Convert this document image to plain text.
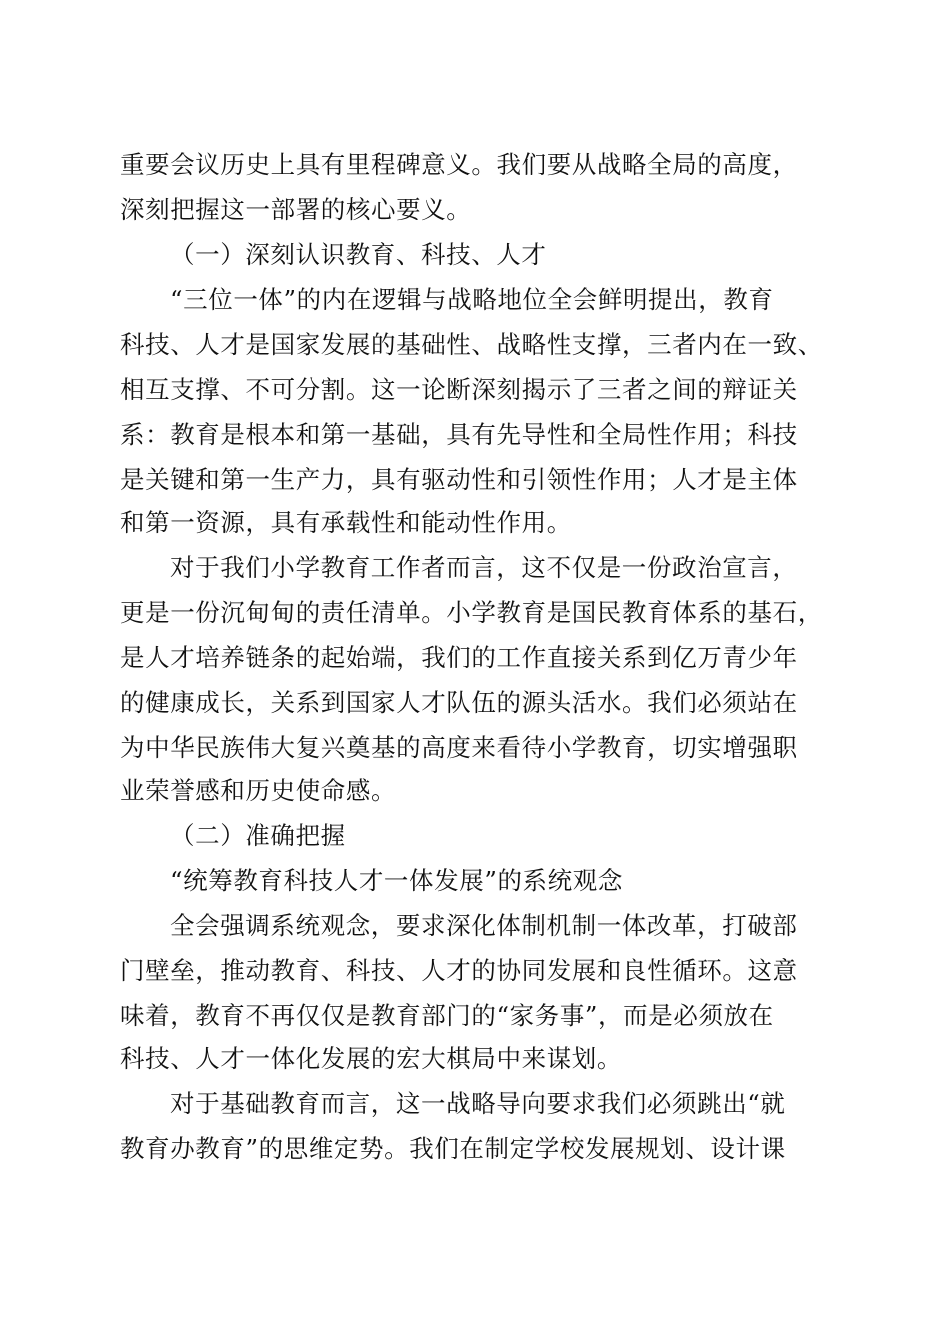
重要会议历史上具有里程碑意义。我们要从战略全局的高度，
深刻把握这一部署的核心要义。
（一）深刻认识教育、科技、人才
“三位一体”的内在逻辑与战略地位全会鲜明提出，教育
科技、人才是国家发展的基础性、战略性支撑，三者内在一致、
相互支撑、不可分割。这一论断深刻揭示了三者之间的辩证关
系：教育是根本和第一基础，具有先导性和全局性作用；科技
是关键和第一生产力，具有驱动性和引领性作用；人才是主体
和第一资源，具有承载性和能动性作用。
对于我们小学教育工作者而言，这不仅是一份政治宣言，
更是一份沉甸甸的责任清单。小学教育是国民教育体系的基石，
是人才培养链条的起始端，我们的工作直接关系到亿万青少年
的健康成长，关系到国家人才队伍的源头活水。我们必须站在
为中华民族伟大复兴奠基的高度来看待小学教育，切实增强职
业荣誉感和历史使命感。
（二）准确把握
“统筹教育科技人才一体发展”的系统观念
全会强调系统观念，要求深化体制机制一体改革，打破部
门壁垒，推动教育、科技、人才的协同发展和良性循环。这意
味着，教育不再仅仅是教育部门的“家务事”，而是必须放在
科技、人才一体化发展的宏大棋局中来谋划。
对于基础教育而言，这一战略导向要求我们必须跳出“就
教育办教育”的思维定势。我们在制定学校发展规划、设计课
